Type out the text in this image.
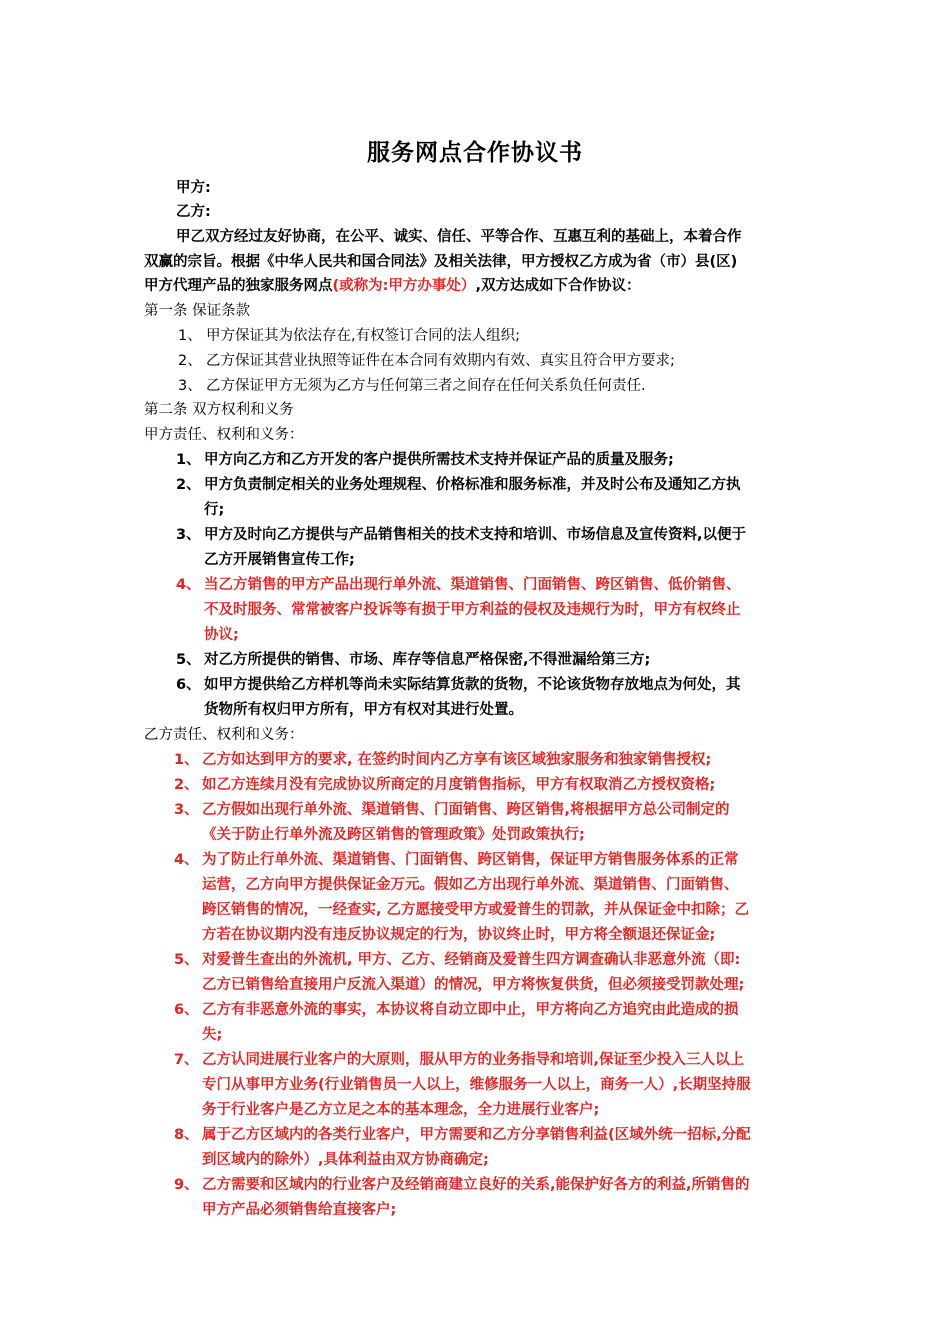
服务网点合作协议书
甲方:
乙方:
甲乙双方经过友好协商，在公平、诚实、信任、平等合作、互惠互利的基础上，本着合作
双赢的宗旨。根据《中华人民共和国合同法》及相关法律，甲方授权乙方成为省（市）县(区)
甲方代理产品的独家服务网点(或称为:甲方办事处）,双方达成如下合作协议：
第一条 保证条款
1、 甲方保证其为依法存在,有权签订合同的法人组织;
2、 乙方保证其营业执照等证件在本合同有效期内有效、真实且符合甲方要求;
3、 乙方保证甲方无须为乙方与任何第三者之间存在任何关系负任何责任.
第二条 双方权利和义务
甲方责任、权利和义务：
1、 甲方向乙方和乙方开发的客户提供所需技术支持并保证产品的质量及服务;
2、 甲方负责制定相关的业务处理规程、价格标准和服务标准，并及时公布及通知乙方执
行;
3、 甲方及时向乙方提供与产品销售相关的技术支持和培训、市场信息及宣传资料,以便于
乙方开展销售宣传工作;
4、 当乙方销售的甲方产品出现行单外流、渠道销售、门面销售、跨区销售、低价销售、
不及时服务、常常被客户投诉等有损于甲方利益的侵权及违规行为时，甲方有权终止
协议;
5、 对乙方所提供的销售、市场、库存等信息严格保密,不得泄漏给第三方;
6、 如甲方提供给乙方样机等尚未实际结算货款的货物，不论该货物存放地点为何处，其
货物所有权归甲方所有，甲方有权对其进行处置。
乙方责任、权利和义务：
1、 乙方如达到甲方的要求, 在签约时间内乙方享有该区域独家服务和独家销售授权;
2、 如乙方连续月没有完成协议所商定的月度销售指标，甲方有权取消乙方授权资格;
3、 乙方假如出现行单外流、渠道销售、门面销售、跨区销售,将根据甲方总公司制定的
《关于防止行单外流及跨区销售的管理政策》处罚政策执行;
4、 为了防止行单外流、渠道销售、门面销售、跨区销售，保证甲方销售服务体系的正常
运营，乙方向甲方提供保证金万元。假如乙方出现行单外流、渠道销售、门面销售、
跨区销售的情况，一经查实, 乙方愿接受甲方或爱普生的罚款，并从保证金中扣除；乙
方若在协议期内没有违反协议规定的行为，协议终止时，甲方将全额退还保证金;
5、 对爱普生查出的外流机, 甲方、乙方、经销商及爱普生四方调查确认非恶意外流（即:
乙方已销售给直接用户反流入渠道）的情况，甲方将恢复供货，但必须接受罚款处理;
6、 乙方有非恶意外流的事实，本协议将自动立即中止，甲方将向乙方追究由此造成的损
失;
7、 乙方认同进展行业客户的大原则，服从甲方的业务指导和培训,保证至少投入三人以上
专门从事甲方业务(行业销售员一人以上，维修服务一人以上，商务一人）,长期坚持服
务于行业客户是乙方立足之本的基本理念，全力进展行业客户;
8、 属于乙方区域内的各类行业客户，甲方需要和乙方分享销售利益(区域外统一招标,分配
到区域内的除外）,具体利益由双方协商确定;
9、 乙方需要和区域内的行业客户及经销商建立良好的关系,能保护好各方的利益,所销售的
甲方产品必须销售给直接客户;
